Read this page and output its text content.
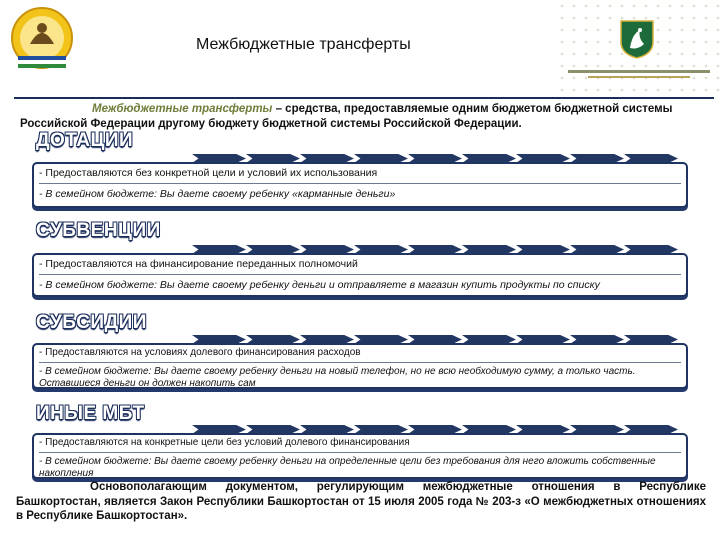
Межбюджетные трансферты
Межбюджетные трансферты – средства, предоставляемые одним бюджетом бюджетной системы
Российской Федерации другому бюджету бюджетной системы Российской Федерации.
ДОТАЦИИ
- Предоставляются без конкретной цели и условий их использования
- В семейном бюджете: Вы даете своему ребенку «карманные деньги»
СУБВЕНЦИИ
- Предоставляются на финансирование переданных полномочий
- В семейном бюджете: Вы даете своему ребенку деньги и отправляете в магазин купить продукты по списку
СУБСИДИИ
- Предоставляются на условиях долевого финансирования расходов
- В семейном бюджете: Вы даете своему ребенку деньги на новый телефон, но не всю необходимую сумму, а только часть. Оставшиеся деньги он должен накопить сам
ИНЫЕ МБТ
- Предоставляются на конкретные цели без условий долевого финансирования
- В семейном бюджете: Вы даете своему ребенку деньги на определенные цели без требования для него вложить собственные накопления
Основополагающим документом, регулирующим межбюджетные отношения в Республике
Башкортостан, является Закон Республики Башкортостан от 15 июля 2005 года № 203-з «О межбюджетных отношениях в Республике Башкортостан».
